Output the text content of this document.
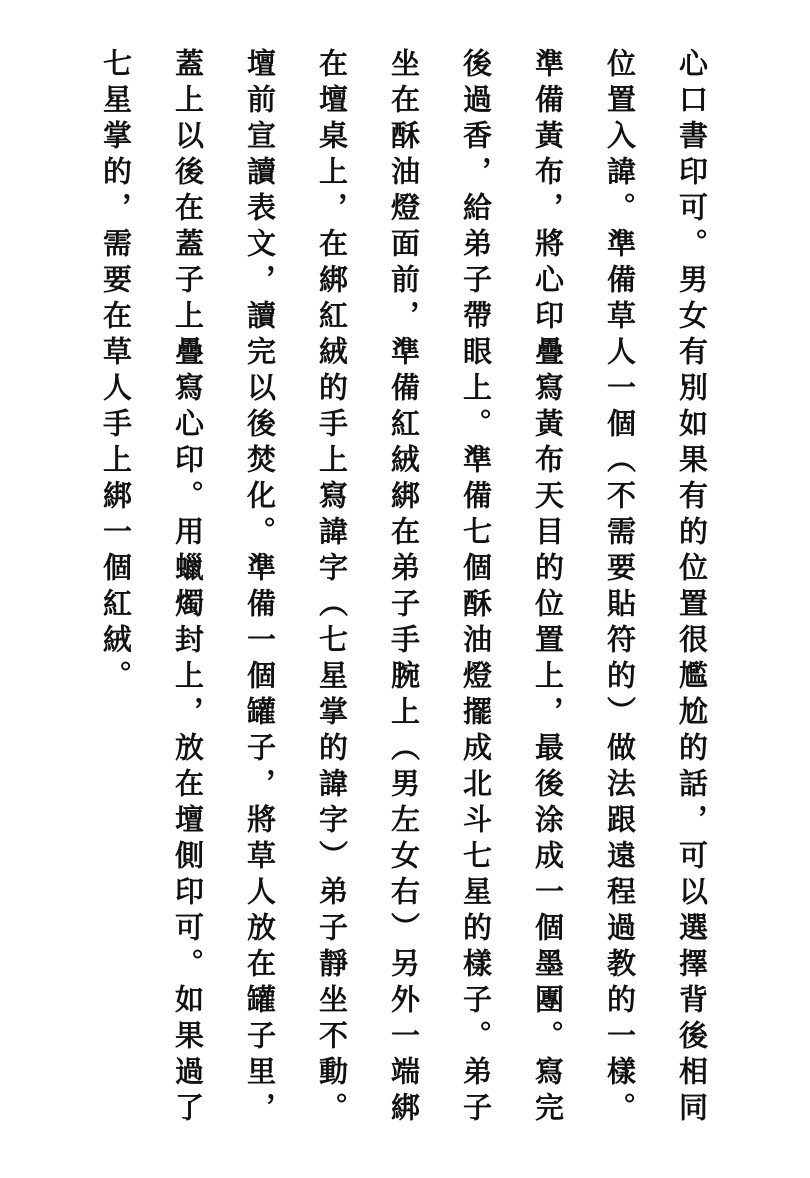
心口書印可。男女有別如果有的位置很尷尬的話，可以選擇背後相同位置入諱。準備草人一個（不需要貼符的）做法跟遠程過教的一樣。準備黃布，將心印疊寫黃布天目的位置上，最後涂成一個墨團。寫完後過香，給弟子帶眼上。準備七個酥油燈擺成北斗七星的樣子。弟子坐在酥油燈面前，準備紅絨綁在弟子手腕上（男左女右）另外一端綁在壇桌上，在綁紅絨的手上寫諱字（七星掌的諱字）弟子靜坐不動。壇前宣讀表文，讀完以後焚化。準備一個罐子，將草人放在罐子里，蓋上以後在蓋子上疊寫心印。用蠟燭封上，放在壇側印可。如果過了七星掌的，需要在草人手上綁一個紅絨。
